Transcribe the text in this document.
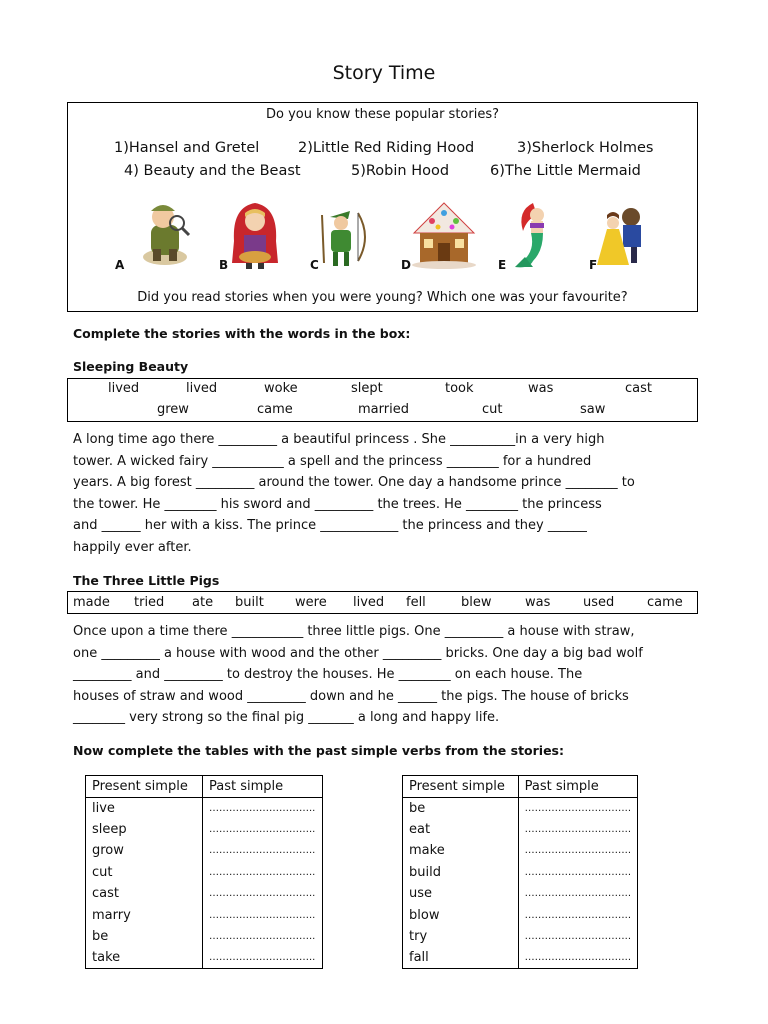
Story Time
Do you know these popular stories?
1)Hansel and Gretel	2)Little Red Riding Hood	3)Sherlock Holmes
4) Beauty and the Beast	5)Robin Hood	6)The Little Mermaid
A	B	C	D	E	F
Did you read stories when you were young? Which one was your favourite?
Complete the stories with the words in the box:
Sleeping Beauty
lived	lived	woke	slept	took	was	cast
grew	came	married	cut	saw
A long time ago there _________ a beautiful princess . She __________in a very high
tower. A wicked fairy ___________ a spell and the princess ________ for a hundred
years. A big forest _________ around the tower. One day a handsome prince ________ to
the tower. He ________ his sword and _________ the trees. He ________ the princess
and ______ her with a kiss. The prince ____________ the princess and they ______
happily ever after.
The Three Little Pigs
made tried ate built were lived fell	blew	was	used	came
Once upon a time there ___________ three little pigs. One _________ a house with straw,
one _________ a house with wood and the other _________ bricks. One day a big bad wolf
_________ and _________ to destroy the houses. He ________ on each house. The
houses of straw and wood _________ down and he ______ the pigs. The house of bricks
________ very strong so the final pig _______ a long and happy life.
Now complete the tables with the past simple verbs from the stories:
Present simple	Past simple
live	…………………………..
sleep	…………………………..
grow	…………………………..
cut	…………………………..
cast	…………………………..
marry	…………………………..
be	…………………………..
take	…………………………..
Present simple	Past simple
be	…………………………..
eat	…………………………..
make	…………………………..
build	…………………………..
use	…………………………..
blow	…………………………..
try	…………………………..
fall	…………………………..
